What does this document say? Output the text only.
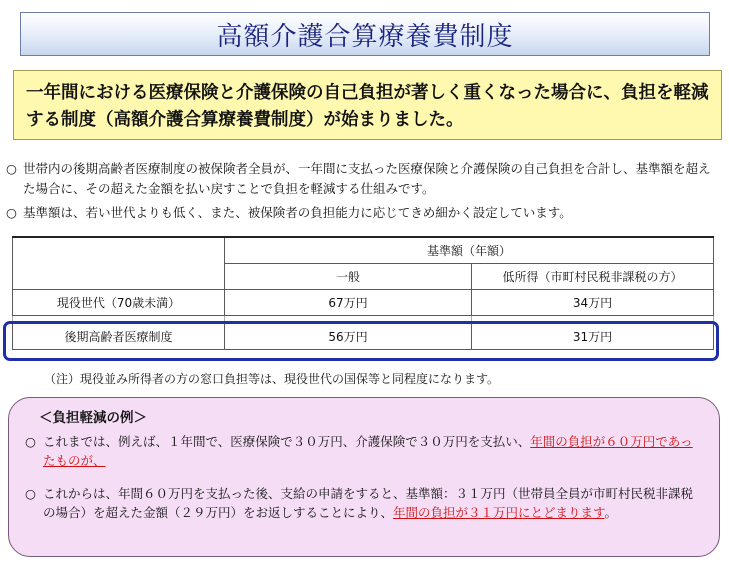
高額介護合算療養費制度
一年間における医療保険と介護保険の自己負担が著しく重くなった場合に、負担を軽減する制度（高額介護合算療養費制度）が始まりました。
○ 世帯内の後期高齢者医療制度の被保険者全員が、一年間に支払った医療保険と介護保険の自己負担を合計し、基準額を超えた場合に、その超えた金額を払い戻すことで負担を軽減する仕組みです。
○ 基準額は、若い世代よりも低く、また、被保険者の負担能力に応じてきめ細かく設定しています。
	基準額（年額）	
	一般	低所得（市町村民税非課税の方）
現役世代（70歳未満）	67万円	34万円

後期高齢者医療制度	56万円	31万円
（注）現役並み所得者の方の窓口負担等は、現役世代の国保等と同程度になります。
＜負担軽減の例＞
○ これまでは、例えば、１年間で、医療保険で３０万円、介護保険で３０万円を支払い、年間の負担が６０万円であったものが、
○ これからは、年間６０万円を支払った後、支給の申請をすると、基準額：３１万円（世帯員全員が市町村民税非課税の場合）を超えた金額（２９万円）をお返しすることにより、年間の負担が３１万円にとどまります。
